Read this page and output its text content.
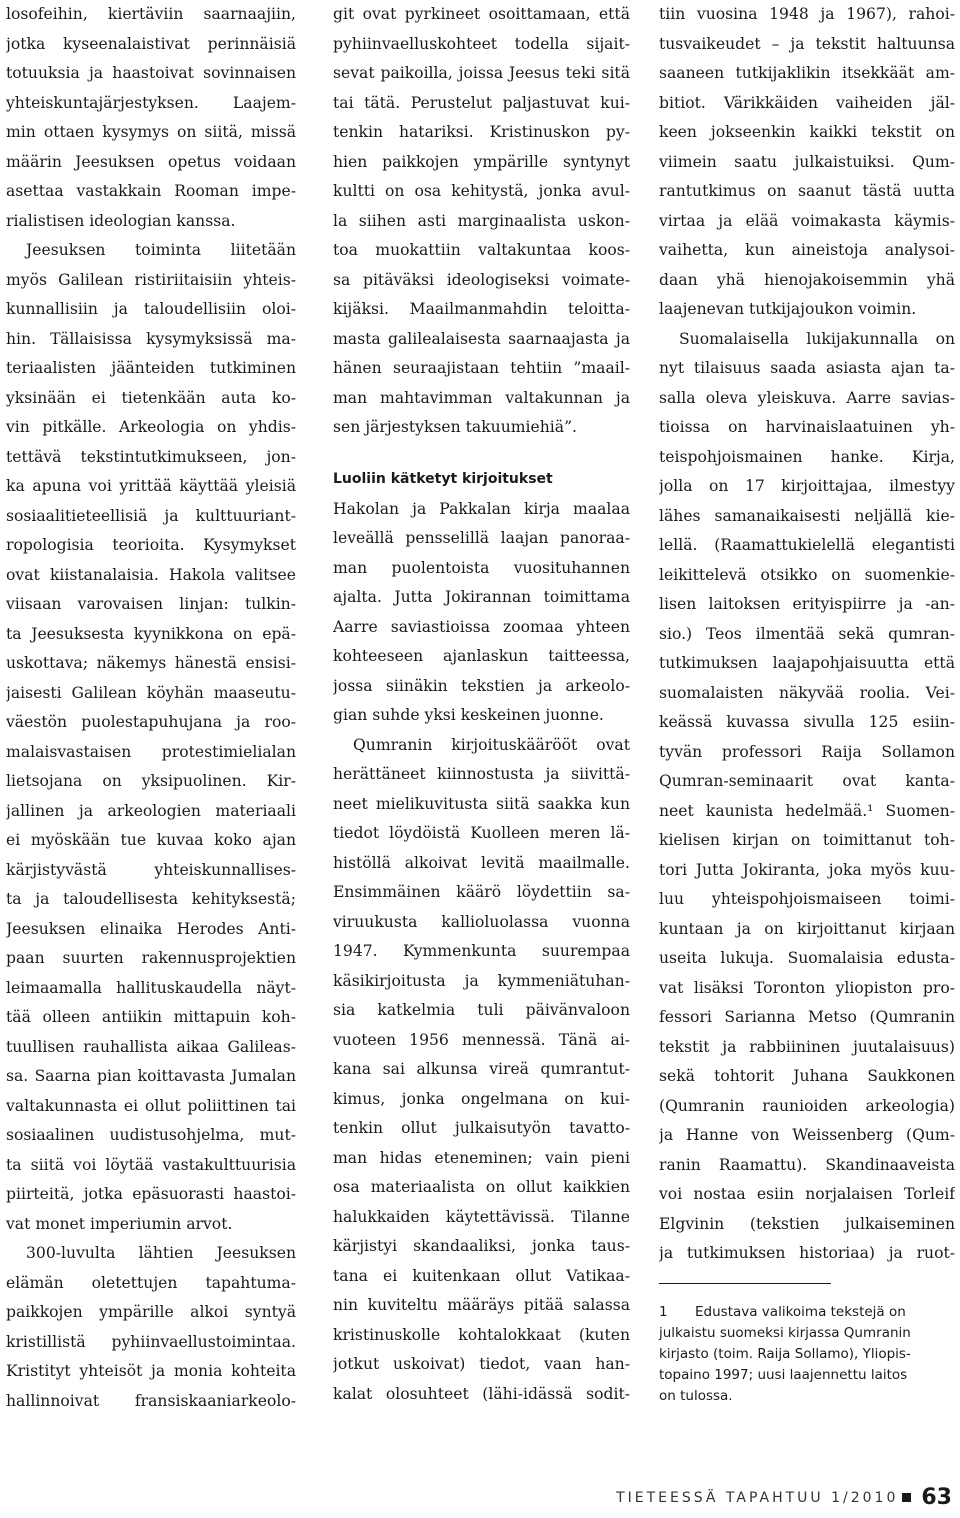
losofeihin, kiertäviin saarnaajiin,
jotka kyseenalaistivat perinnäisiä
totuuksia ja haastoivat sovinnaisen
yhteiskuntajärjestyksen. Laajem-
min ottaen kysymys on siitä, missä
määrin Jeesuksen opetus voidaan
asettaa vastakkain Rooman impe-
rialistisen ideologian kanssa.
Jeesuksen toiminta liitetään
myös Galilean ristiriitaisiin yhteis-
kunnallisiin ja taloudellisiin oloi-
hin. Tällaisissa kysymyksissä ma-
teriaalisten jäänteiden tutkiminen
yksinään ei tietenkään auta ko-
vin pitkälle. Arkeologia on yhdis-
tettävä tekstintutkimukseen, jon-
ka apuna voi yrittää käyttää yleisiä
sosiaalitieteellisiä ja kulttuuriant-
ropologisia teorioita. Kysymykset
ovat kiistanalaisia. Hakola valitsee
viisaan varovaisen linjan: tulkin-
ta Jeesuksesta kyynikkona on epä-
uskottava; näkemys hänestä ensisi-
jaisesti Galilean köyhän maaseutu-
väestön puolestapuhujana ja roo-
malaisvastaisen protestimielialan
lietsojana on yksipuolinen. Kir-
jallinen ja arkeologien materiaali
ei myöskään tue kuvaa koko ajan
kärjistyvästä yhteiskunnallises-
ta ja taloudellisesta kehityksestä;
Jeesuksen elinaika Herodes Anti-
paan suurten rakennusprojektien
leimaamalla hallituskaudella näyt-
tää olleen antiikin mittapuin koh-
tuullisen rauhallista aikaa Galileas-
sa. Saarna pian koittavasta Jumalan
valtakunnasta ei ollut poliittinen tai
sosiaalinen uudistusohjelma, mut-
ta siitä voi löytää vastakulttuurisia
piirteitä, jotka epäsuorasti haastoi-
vat monet imperiumin arvot.
300-luvulta lähtien Jeesuksen
elämän oletettujen tapahtuma-
paikkojen ympärille alkoi syntyä
kristillistä pyhiinvaellustoimintaa.
Kristityt yhteisöt ja monia kohteita
hallinnoivat fransiskaaniarkeolo-
git ovat pyrkineet osoittamaan, että
pyhiinvaelluskohteet todella sijait-
sevat paikoilla, joissa Jeesus teki sitä
tai tätä. Perustelut paljastuvat kui-
tenkin hatariksi. Kristinuskon py-
hien paikkojen ympärille syntynyt
kultti on osa kehitystä, jonka avul-
la siihen asti marginaalista uskon-
toa muokattiin valtakuntaa koos-
sa pitäväksi ideologiseksi voimate-
kijäksi. Maailmanmahdin teloitta-
masta galilealaisesta saarnaajasta ja
hänen seuraajistaan tehtiin ”maail-
man mahtavimman valtakunnan ja
sen järjestyksen takuumiehiä”.
Luoliin kätketyt kirjoitukset
Hakolan ja Pakkalan kirja maalaa
leveällä pensselillä laajan panoraa-
man puolentoista vuosituhannen
ajalta. Jutta Jokirannan toimittama
Aarre saviastioissa zoomaa yhteen
kohteeseen ajanlaskun taitteessa,
jossa siinäkin tekstien ja arkeolo-
gian suhde yksi keskeinen juonne.
Qumranin kirjoituskäärööt ovat
herättäneet kiinnostusta ja siivittä-
neet mielikuvitusta siitä saakka kun
tiedot löydöistä Kuolleen meren lä-
histöllä alkoivat levitä maailmalle.
Ensimmäinen käärö löydettiin sa-
viruukusta kallioluolassa vuonna
1947. Kymmenkunta suurempaa
käsikirjoitusta ja kymmeniätuhan-
sia katkelmia tuli päivänvaloon
vuoteen 1956 mennessä. Tänä ai-
kana sai alkunsa vireä qumrantut-
kimus, jonka ongelmana on kui-
tenkin ollut julkaisutyön tavatto-
man hidas eteneminen; vain pieni
osa materiaalista on ollut kaikkien
halukkaiden käytettävissä. Tilanne
kärjistyi skandaaliksi, jonka taus-
tana ei kuitenkaan ollut Vatikaa-
nin kuviteltu määräys pitää salassa
kristinuskolle kohtalokkaat (kuten
jotkut uskoivat) tiedot, vaan han-
kalat olosuhteet (lähi-idässä sodit-
tiin vuosina 1948 ja 1967), rahoi-
tusvaikeudet – ja tekstit haltuunsa
saaneen tutkijaklikin itsekkäät am-
bitiot. Värikkäiden vaiheiden jäl-
keen jokseenkin kaikki tekstit on
viimein saatu julkaistuiksi. Qum-
rantutkimus on saanut tästä uutta
virtaa ja elää voimakasta käymis-
vaihetta, kun aineistoja analysoi-
daan yhä hienojakoisemmin yhä
laajenevan tutkijajoukon voimin.
Suomalaisella lukijakunnalla on
nyt tilaisuus saada asiasta ajan ta-
salla oleva yleiskuva. Aarre savias-
tioissa on harvinaislaatuinen yh-
teispohjoismainen hanke. Kirja,
jolla on 17 kirjoittajaa, ilmestyy
lähes samanaikaisesti neljällä kie-
lellä. (Raamattukielellä elegantisti
leikittelevä otsikko on suomenkie-
lisen laitoksen erityispiirre ja -an-
sio.) Teos ilmentää sekä qumran-
tutkimuksen laajapohjaisuutta että
suomalaisten näkyvää roolia. Vei-
keässä kuvassa sivulla 125 esiin-
tyvän professori Raija Sollamon
Qumran-seminaarit ovat kanta-
neet kaunista hedelmää.¹ Suomen-
kielisen kirjan on toimittanut toh-
tori Jutta Jokiranta, joka myös kuu-
luu yhteispohjoismaiseen toimi-
kuntaan ja on kirjoittanut kirjaan
useita lukuja. Suomalaisia edusta-
vat lisäksi Toronton yliopiston pro-
fessori Sarianna Metso (Qumranin
tekstit ja rabbiininen juutalaisuus)
sekä tohtorit Juhana Saukkonen
(Qumranin raunioiden arkeologia)
ja Hanne von Weissenberg (Qum-
ranin Raamattu). Skandinaaveista
voi nostaa esiin norjalaisen Torleif
Elgvinin (tekstien julkaiseminen
ja tutkimuksen historiaa) ja ruot-
1 Edustava valikoima tekstejä on
julkaistu suomeksi kirjassa Qumranin
kirjasto (toim. Raija Sollamo), Yliopis-
topaino 1997; uusi laajennettu laitos
on tulossa.
TIETEESSÄ TAPAHTUU 1/2010 63
